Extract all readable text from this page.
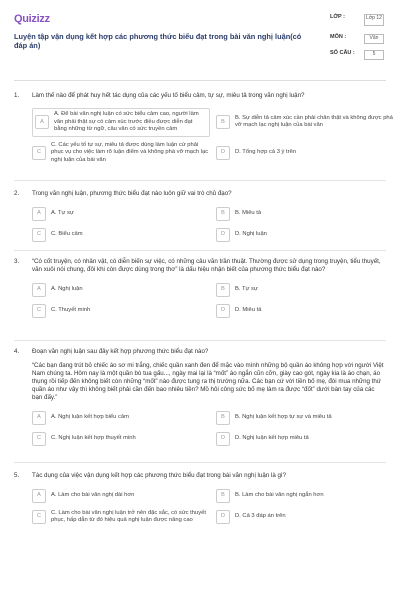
Quizizz
Luyện tập vận dụng kết hợp các phương thức biểu đạt trong bài văn nghị luận(có đáp án)
LỚP :	Lớp 12
MÔN :	Văn
SỐ CÂU :	5
1.	Làm thế nào để phát huy hết tác dụng của các yếu tố biểu cảm, tự sự, miêu tả trong văn nghị luận?
A
A. Để bài văn nghị luận có sức biểu cảm cao, người làm văn phải thật sự có cảm xúc trước điều được diễn đạt bằng những từ ngữ, câu văn có sức truyền cảm
B
B. Sự diễn tả cảm xúc cần phải chân thật và không được phá vỡ mạch lạc nghị luận của bài văn
C
C. Các yếu tố tự sự, miêu tả được dùng làm luận cứ phải phục vụ cho việc làm rõ luận điểm và không phá vỡ mạch lạc nghị luận của bài văn
D	D. Tổng hợp cả 3 ý trên
2.	Trong văn nghị luận, phương thức biểu đạt nào luôn giữ vai trò chủ đạo?
A	A. Tự sự	B	B. Miêu tả
C	C. Biểu cảm	D	D. Nghị luận
3.	“Có cốt truyện, có nhân vật, có diễn biến sự việc, có những câu văn trần thuật. Thường được sử dụng trong truyện, tiểu thuyết, văn xuôi nói chung, đôi khi còn được dùng trong thơ” là dấu hiệu nhận biết của phương thức biểu đạt nào?
A	A. Nghị luận	B	B. Tự sự
C	C. Thuyết minh	D	D. Miêu tả
4.	Đoạn văn nghị luận sau đây kết hợp phương thức biểu đạt nào?
“Các bạn đang trút bỏ chiếc áo sơ mi trắng, chiếc quần xanh đen để mặc vào mình những bộ quần áo không hợp với người Việt Nam chúng ta. Hôm nay là một quần bò tua gấu..., ngày mai lại là “mốt” áo ngắn cũn cỡn, giày cao gót, ngày kia là áo chạn, áo thụng rồi tiếp đến không biết còn những “mốt” nào được tung ra thị trường nữa. Các bạn cứ vời tiền bố mẹ, đòi mua những thứ quần áo như vậy thì không biết phải cần đến bao nhiêu tiền? Mồ hôi công sức bố mẹ làm ra được “đốt” dưới bàn tay của các bạn đấy.”
A	A. Nghị luận kết hợp biểu cảm	B	B. Nghị luận kết hợp tự sự và miêu tả
C	C. Nghị luận kết hợp thuyết minh	D	D. Nghị luận kết hợp miêu tả
5.	Tác dụng của việc vận dụng kết hợp các phương thức biểu đạt trong bài văn nghị luận là gì?
A	A. Làm cho bài văn nghị dài hơn	B	B. Làm cho bài văn nghị ngắn hơn
C
C. Làm cho bài văn nghị luận trở nên đặc sắc, có sức thuyết phục, hấp dẫn từ đó hiệu quả nghị luận được nâng cao
D	D. Cả 3 đáp án trên
